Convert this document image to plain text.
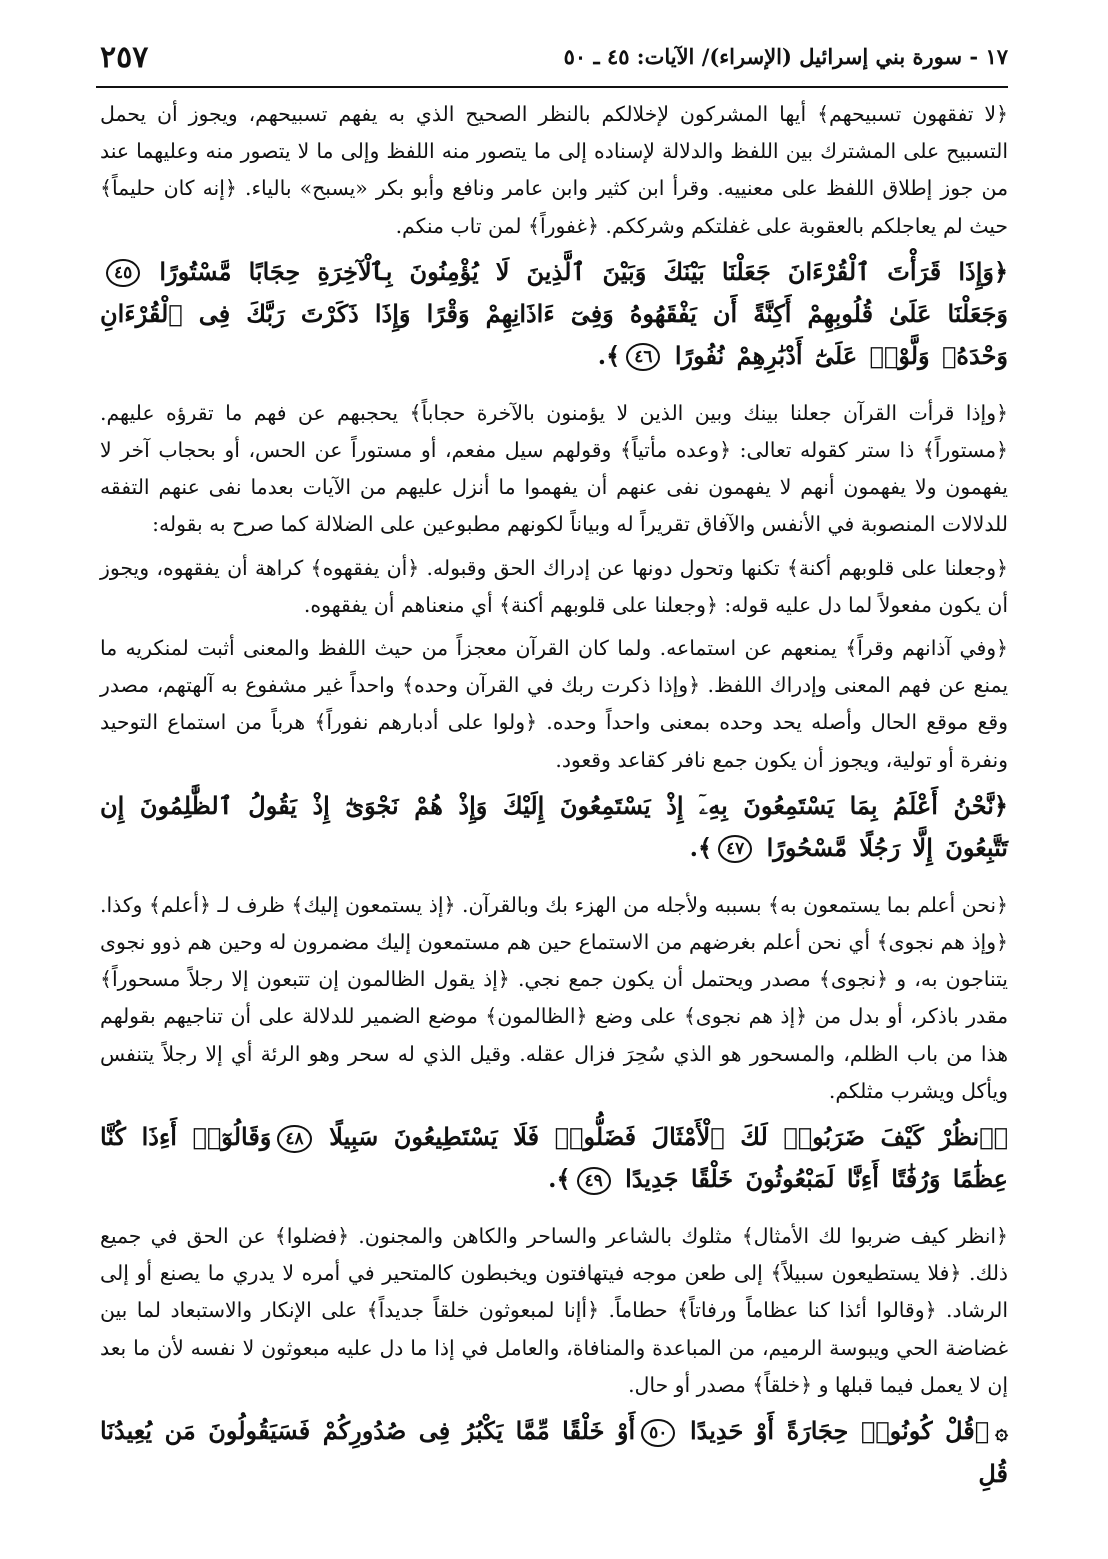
١٧ - سورة بني إسرائيل (الإسراء)/ الآيات: ٤٥ ـ ٥٠
٢٥٧

﴿لا تفقهون تسبيحهم﴾ أيها المشركون لإخلالكم بالنظر الصحيح الذي به يفهم تسبيحهم، ويجوز أن يحمل التسبيح على المشترك بين اللفظ والدلالة لإسناده إلى ما يتصور منه اللفظ وإلى ما لا يتصور منه وعليهما عند من جوز إطلاق اللفظ على معنييه. وقرأ ابن كثير وابن عامر ونافع وأبو بكر «يسبح» بالياء. ﴿إنه كان حليماً﴾ حيث لم يعاجلكم بالعقوبة على غفلتكم وشرككم. ﴿غفوراً﴾ لمن تاب منكم.

﴿وَإِذَا قَرَأْتَ ٱلْقُرْءَانَ جَعَلْنَا بَيْنَكَ وَبَيْنَ ٱلَّذِينَ لَا يُؤْمِنُونَ بِٱلْآخِرَةِ حِجَابًا مَّسْتُورًا ٤٥وَجَعَلْنَا عَلَىٰ قُلُوبِهِمْ أَكِنَّةً أَن يَفْقَهُوهُ وَفِىٓ ءَاذَانِهِمْ وَقْرًا وَإِذَا ذَكَرْتَ رَبَّكَ فِى ٱلْقُرْءَانِ وَحْدَهُۥ وَلَّوْا۟ عَلَىٰٓ أَدْبَٰرِهِمْ نُفُورًا ٤٦﴾.

﴿وإذا قرأت القرآن جعلنا بينك وبين الذين لا يؤمنون بالآخرة حجاباً﴾ يحجبهم عن فهم ما تقرؤه عليهم. ﴿مستوراً﴾ ذا ستر كقوله تعالى: ﴿وعده مأتياً﴾ وقولهم سيل مفعم، أو مستوراً عن الحس، أو بحجاب آخر لا يفهمون ولا يفهمون أنهم لا يفهمون نفى عنهم أن يفهموا ما أنزل عليهم من الآيات بعدما نفى عنهم التفقه للدلالات المنصوبة في الأنفس والآفاق تقريراً له وبياناً لكونهم مطبوعين على الضلالة كما صرح به بقوله:

﴿وجعلنا على قلوبهم أكنة﴾ تكنها وتحول دونها عن إدراك الحق وقبوله. ﴿أن يفقهوه﴾ كراهة أن يفقهوه، ويجوز أن يكون مفعولاً لما دل عليه قوله: ﴿وجعلنا على قلوبهم أكنة﴾ أي منعناهم أن يفقهوه.

﴿وفي آذانهم وقراً﴾ يمنعهم عن استماعه. ولما كان القرآن معجزاً من حيث اللفظ والمعنى أثبت لمنكريه ما يمنع عن فهم المعنى وإدراك اللفظ. ﴿وإذا ذكرت ربك في القرآن وحده﴾ واحداً غير مشفوع به آلهتهم، مصدر وقع موقع الحال وأصله يحد وحده بمعنى واحداً وحده. ﴿ولوا على أدبارهم نفوراً﴾ هرباً من استماع التوحيد ونفرة أو تولية، ويجوز أن يكون جمع نافر كقاعد وقعود.

﴿نَّحْنُ أَعْلَمُ بِمَا يَسْتَمِعُونَ بِهِۦٓ إِذْ يَسْتَمِعُونَ إِلَيْكَ وَإِذْ هُمْ نَجْوَىٰٓ إِذْ يَقُولُ ٱلظَّٰلِمُونَ إِن تَتَّبِعُونَ إِلَّا رَجُلًا مَّسْحُورًا ٤٧﴾.

﴿نحن أعلم بما يستمعون به﴾ بسببه ولأجله من الهزء بك وبالقرآن. ﴿إذ يستمعون إليك﴾ ظرف لـ ﴿أعلم﴾ وكذا. ﴿وإذ هم نجوى﴾ أي نحن أعلم بغرضهم من الاستماع حين هم مستمعون إليك مضمرون له وحين هم ذوو نجوى يتناجون به، و ﴿نجوى﴾ مصدر ويحتمل أن يكون جمع نجي. ﴿إذ يقول الظالمون إن تتبعون إلا رجلاً مسحوراً﴾ مقدر باذكر، أو بدل من ﴿إذ هم نجوى﴾ على وضع ﴿الظالمون﴾ موضع الضمير للدلالة على أن تناجيهم بقولهم هذا من باب الظلم، والمسحور هو الذي سُحِرَ فزال عقله. وقيل الذي له سحر وهو الرئة أي إلا رجلاً يتنفس ويأكل ويشرب مثلكم.

﴿ٱنظُرْ كَيْفَ ضَرَبُوا۟ لَكَ ٱلْأَمْثَالَ فَضَلُّوا۟ فَلَا يَسْتَطِيعُونَ سَبِيلًا ٤٨وَقَالُوٓا۟ أَءِذَا كُنَّا عِظَٰمًا وَرُفَٰتًا أَءِنَّا لَمَبْعُوثُونَ خَلْقًا جَدِيدًا ٤٩﴾.

﴿انظر كيف ضربوا لك الأمثال﴾ مثلوك بالشاعر والساحر والكاهن والمجنون. ﴿فضلوا﴾ عن الحق في جميع ذلك. ﴿فلا يستطيعون سبيلاً﴾ إلى طعن موجه فيتهافتون ويخبطون كالمتحير في أمره لا يدري ما يصنع أو إلى الرشاد. ﴿وقالوا أئذا كنا عظاماً ورفاتاً﴾ حطاماً. ﴿أإنا لمبعوثون خلقاً جديداً﴾ على الإنكار والاستبعاد لما بين غضاضة الحي ويبوسة الرميم، من المباعدة والمنافاة، والعامل في إذا ما دل عليه مبعوثون لا نفسه لأن ما بعد إن لا يعمل فيما قبلها و ﴿خلقاً﴾ مصدر أو حال.

۞﴿قُلْ كُونُوا۟ حِجَارَةً أَوْ حَدِيدًا ٥٠أَوْ خَلْقًا مِّمَّا يَكْبُرُ فِى صُدُورِكُمْ فَسَيَقُولُونَ مَن يُعِيدُنَا قُلِ
